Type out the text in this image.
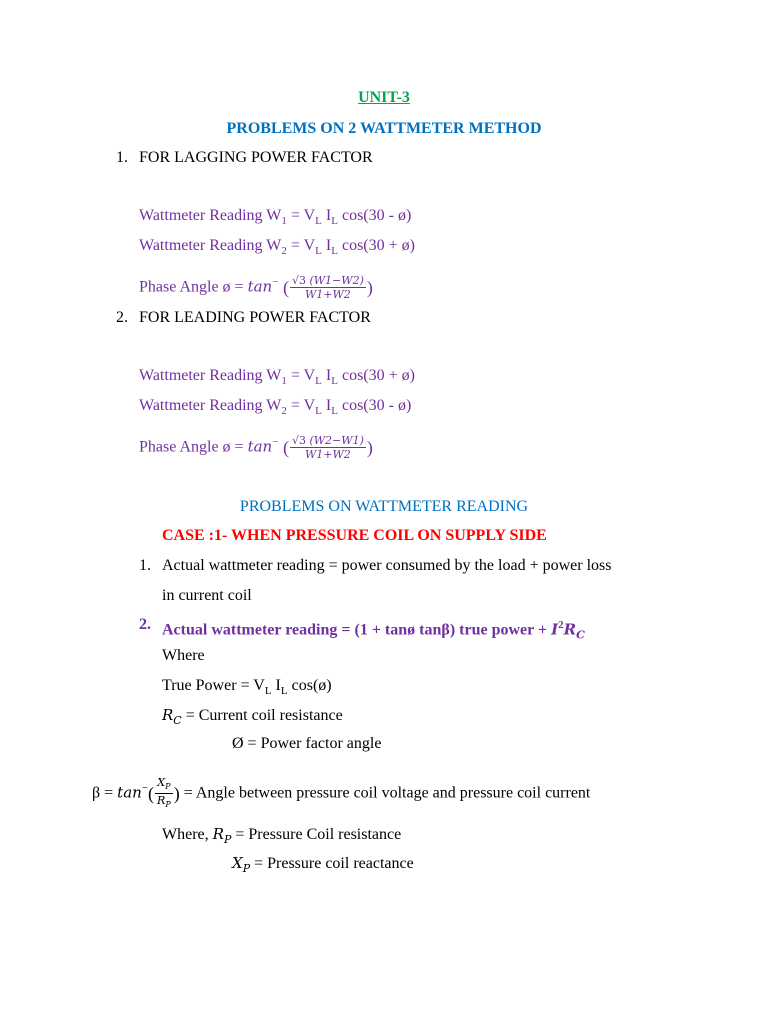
UNIT-3
PROBLEMS ON 2 WATTMETER METHOD
1. FOR LAGGING POWER FACTOR
Wattmeter Reading $W_1 = V_L$ $I_L$ cos(30 - ø)
Wattmeter Reading $W_2 = V_L$ $I_L$ cos(30 + ø)
Phase Angle ø = tan− ( $\frac{√3 (W1-W2)}{W1+W2}$ )
2. FOR LEADING POWER FACTOR
Wattmeter Reading $W_1 = V_L$ $I_L$ cos(30 + ø)
Wattmeter Reading $W_2 = V_L$ $I_L$ cos(30 - ø)
Phase Angle ø = tan− ( $\frac{√3 (W2-W1)}{W1+W2}$ )
PROBLEMS ON WATTMETER READING
CASE :1- WHEN PRESSURE COIL ON SUPPLY SIDE
1. Actual wattmeter reading = power consumed by the load + power loss
in current coil
2. Actual wattmeter reading = (1 + tanø tanβ) true power + $I^2R_C$
Where
True Power = $V_L$ $I_L$ cos(ø)
$R_C$ = Current coil resistance
Ø = Power factor angle
$\beta = \tan^-( \frac{X_P}{R_P}$ ) = Angle between pressure coil voltage and pressure coil current
Where, $R_P$ = Pressure Coil resistance
$X_P$ = Pressure coil reactance
